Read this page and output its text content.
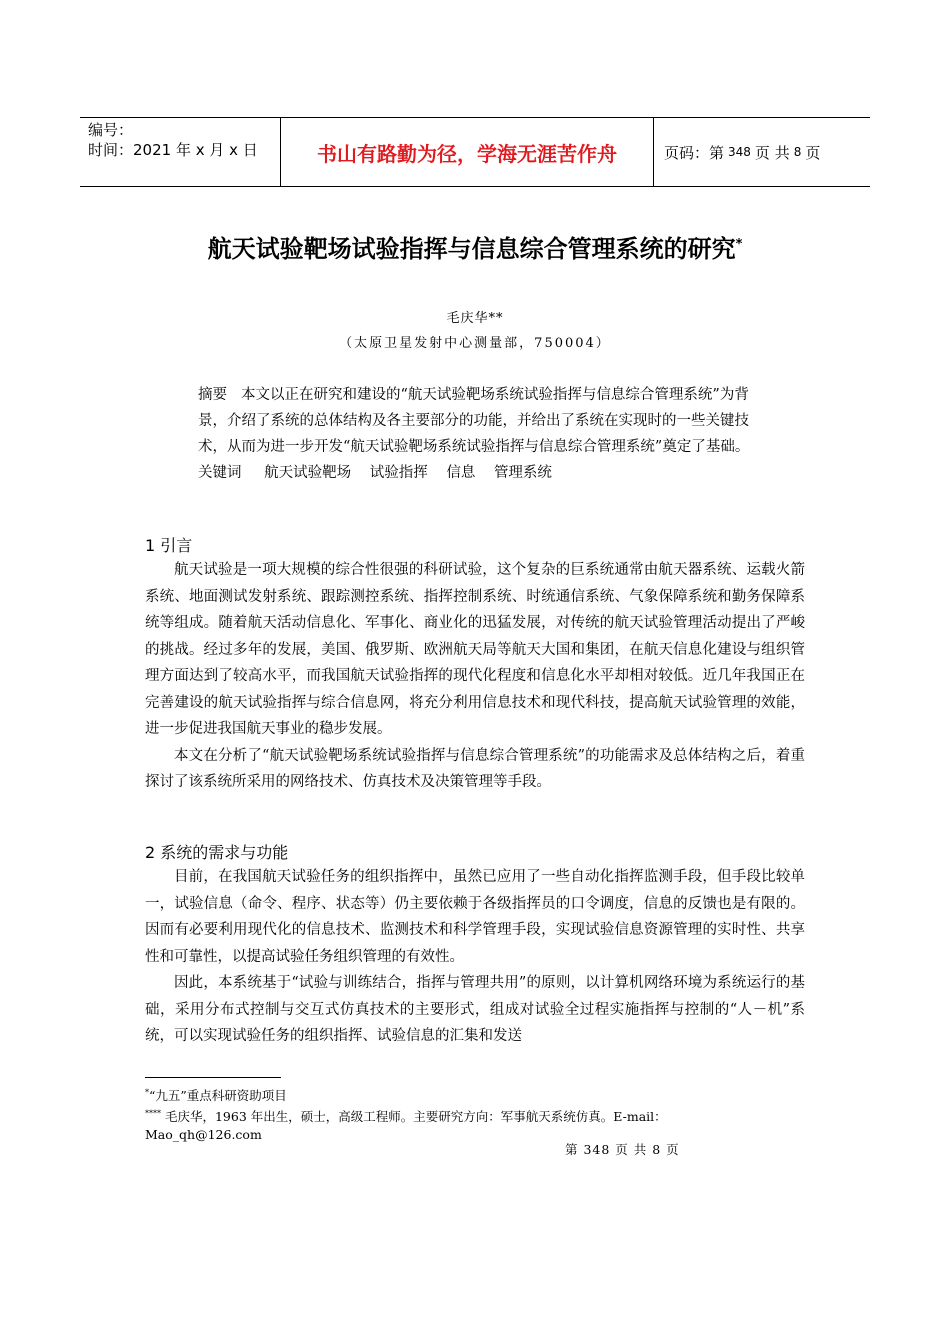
编号：
时间：2021 年 x 月 x 日	书山有路勤为径，学海无涯苦作舟	页码：第 348 页 共 8 页
航天试验靶场试验指挥与信息综合管理系统的研究*
毛庆华**
（太原卫星发射中心测量部，750004）

摘要 本文以正在研究和建设的“航天试验靶场系统试验指挥与信息综合管理系统”为背景，介绍了系统的总体结构及各主要部分的功能，并给出了系统在实现时的一些关键技术，从而为进一步开发“航天试验靶场系统试验指挥与信息综合管理系统”奠定了基础。

关键词 航天试验靶场 试验指挥 信息 管理系统

1 引言

航天试验是一项大规模的综合性很强的科研试验，这个复杂的巨系统通常由航天器系统、运载火箭系统、地面测试发射系统、跟踪测控系统、指挥控制系统、时统通信系统、气象保障系统和勤务保障系统等组成。随着航天活动信息化、军事化、商业化的迅猛发展，对传统的航天试验管理活动提出了严峻的挑战。经过多年的发展，美国、俄罗斯、欧洲航天局等航天大国和集团，在航天信息化建设与组织管理方面达到了较高水平，而我国航天试验指挥的现代化程度和信息化水平却相对较低。近几年我国正在完善建设的航天试验指挥与综合信息网，将充分利用信息技术和现代科技，提高航天试验管理的效能，进一步促进我国航天事业的稳步发展。

本文在分析了“航天试验靶场系统试验指挥与信息综合管理系统”的功能需求及总体结构之后，着重探讨了该系统所采用的网络技术、仿真技术及决策管理等手段。

2 系统的需求与功能

目前，在我国航天试验任务的组织指挥中，虽然已应用了一些自动化指挥监测手段，但手段比较单一，试验信息（命令、程序、状态等）仍主要依赖于各级指挥员的口令调度，信息的反馈也是有限的。因而有必要利用现代化的信息技术、监测技术和科学管理手段，实现试验信息资源管理的实时性、共享性和可靠性，以提高试验任务组织管理的有效性。

因此，本系统基于“试验与训练结合，指挥与管理共用”的原则，以计算机网络环境为系统运行的基础，采用分布式控制与交互式仿真技术的主要形式，组成对试验全过程实施指挥与控制的“人－机”系统，可以实现试验任务的组织指挥、试验信息的汇集和发送

*“九五”重点科研资助项目

**** 毛庆华，1963 年出生，硕士，高级工程师。主要研究方向：军事航天系统仿真。E-mail：

Mao_qh@126.com

第 348 页 共 8 页
